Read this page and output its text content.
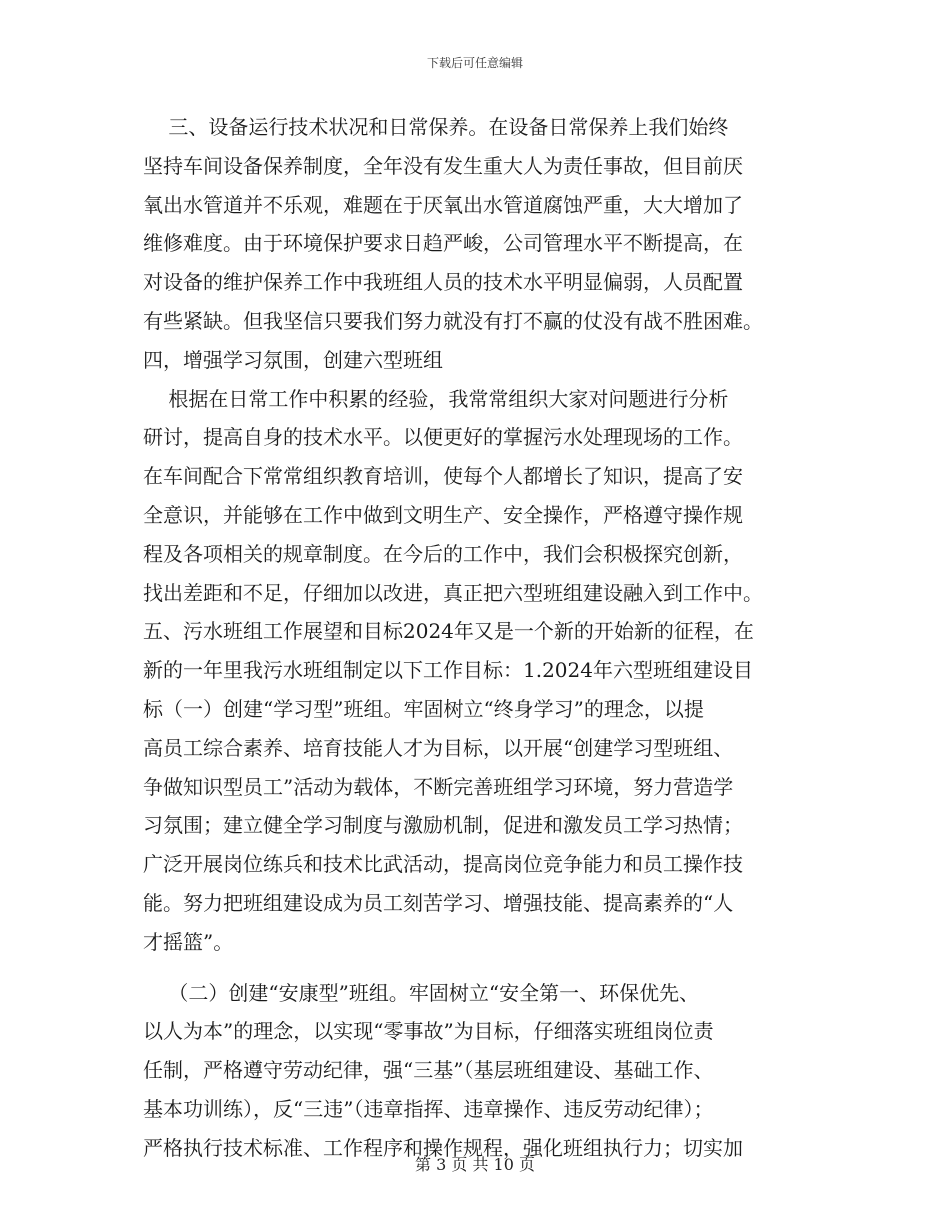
下载后可任意编辑
三、设备运行技术状况和日常保养。在设备日常保养上我们始终
坚持车间设备保养制度，全年没有发生重大人为责任事故，但目前厌
氧出水管道并不乐观，难题在于厌氧出水管道腐蚀严重，大大增加了
维修难度。由于环境保护要求日趋严峻，公司管理水平不断提高，在
对设备的维护保养工作中我班组人员的技术水平明显偏弱，人员配置
有些紧缺。但我坚信只要我们努力就没有打不赢的仗没有战不胜困难。
四，增强学习氛围，创建六型班组
根据在日常工作中积累的经验，我常常组织大家对问题进行分析
研讨，提高自身的技术水平。以便更好的掌握污水处理现场的工作。
在车间配合下常常组织教育培训，使每个人都增长了知识，提高了安
全意识，并能够在工作中做到文明生产、安全操作，严格遵守操作规
程及各项相关的规章制度。在今后的工作中，我们会积极探究创新，
找出差距和不足，仔细加以改进，真正把六型班组建设融入到工作中。
五、污水班组工作展望和目标2024年又是一个新的开始新的征程，在
新的一年里我污水班组制定以下工作目标：1.2024年六型班组建设目
标（一）创建“学习型”班组。牢固树立“终身学习”的理念，以提
高员工综合素养、培育技能人才为目标，以开展“创建学习型班组、
争做知识型员工”活动为载体，不断完善班组学习环境，努力营造学
习氛围；建立健全学习制度与激励机制，促进和激发员工学习热情；
广泛开展岗位练兵和技术比武活动，提高岗位竞争能力和员工操作技
能。努力把班组建设成为员工刻苦学习、增强技能、提高素养的“人
才摇篮”。
（二）创建“安康型”班组。牢固树立“安全第一、环保优先、
以人为本”的理念，以实现“零事故”为目标，仔细落实班组岗位责
任制，严格遵守劳动纪律，强“三基”（基层班组建设、基础工作、
基本功训练），反“三违”（违章指挥、违章操作、违反劳动纪律）；
严格执行技术标准、工作程序和操作规程，强化班组执行力；切实加
第 3 页 共 10 页
